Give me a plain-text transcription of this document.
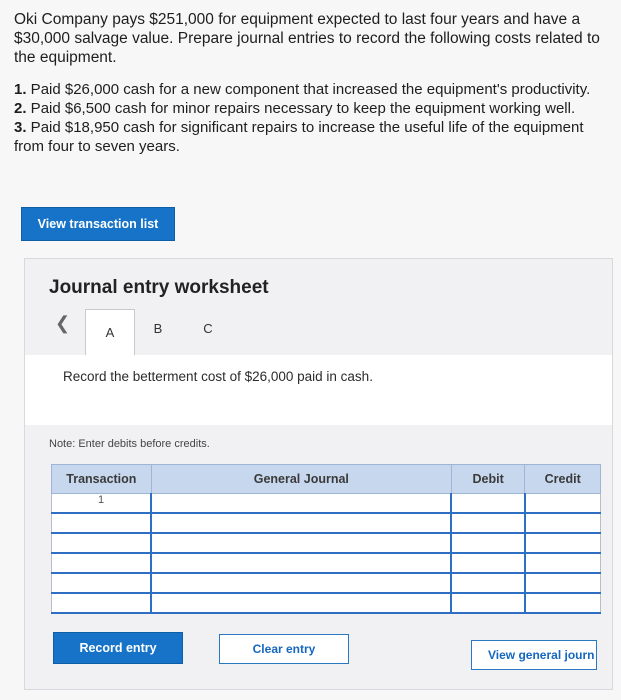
Oki Company pays $251,000 for equipment expected to last four years and have a $30,000 salvage value. Prepare journal entries to record the following costs related to the equipment.

1. Paid $26,000 cash for a new component that increased the equipment's productivity.
2. Paid $6,500 cash for minor repairs necessary to keep the equipment working well.
3. Paid $18,950 cash for significant repairs to increase the useful life of the equipment from four to seven years.
View transaction list
Journal entry worksheet
❮	A	B	C
Record the betterment cost of $26,000 paid in cash.
Note: Enter debits before credits.
Transaction	General Journal	Debit	Credit
1			

Record entry	Clear entry	View general journ
